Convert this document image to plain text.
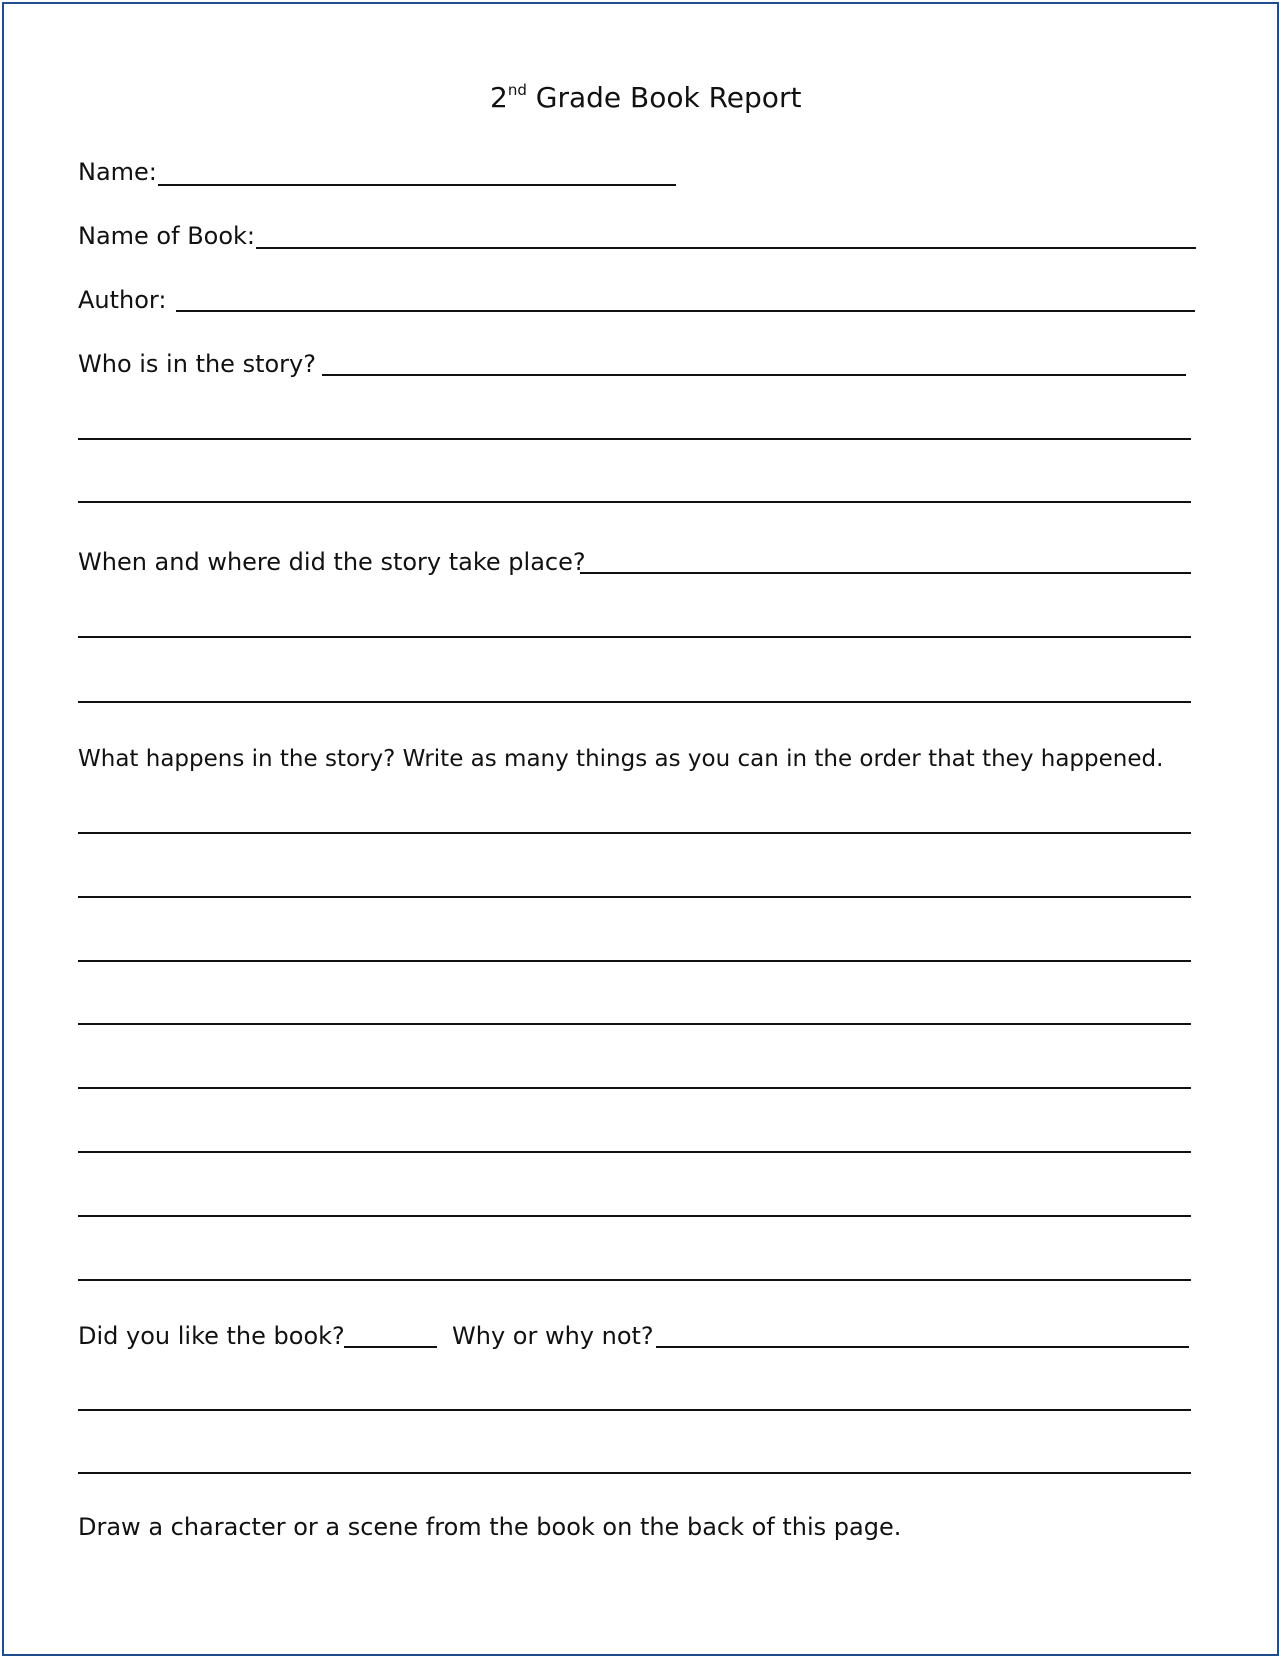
2nd Grade Book Report
Name:
Name of Book:
Author:
Who is in the story?
When and where did the story take place?
What happens in the story? Write as many things as you can in the order that they happened.
Did you like the book?	Why or why not?
Draw a character or a scene from the book on the back of this page.
